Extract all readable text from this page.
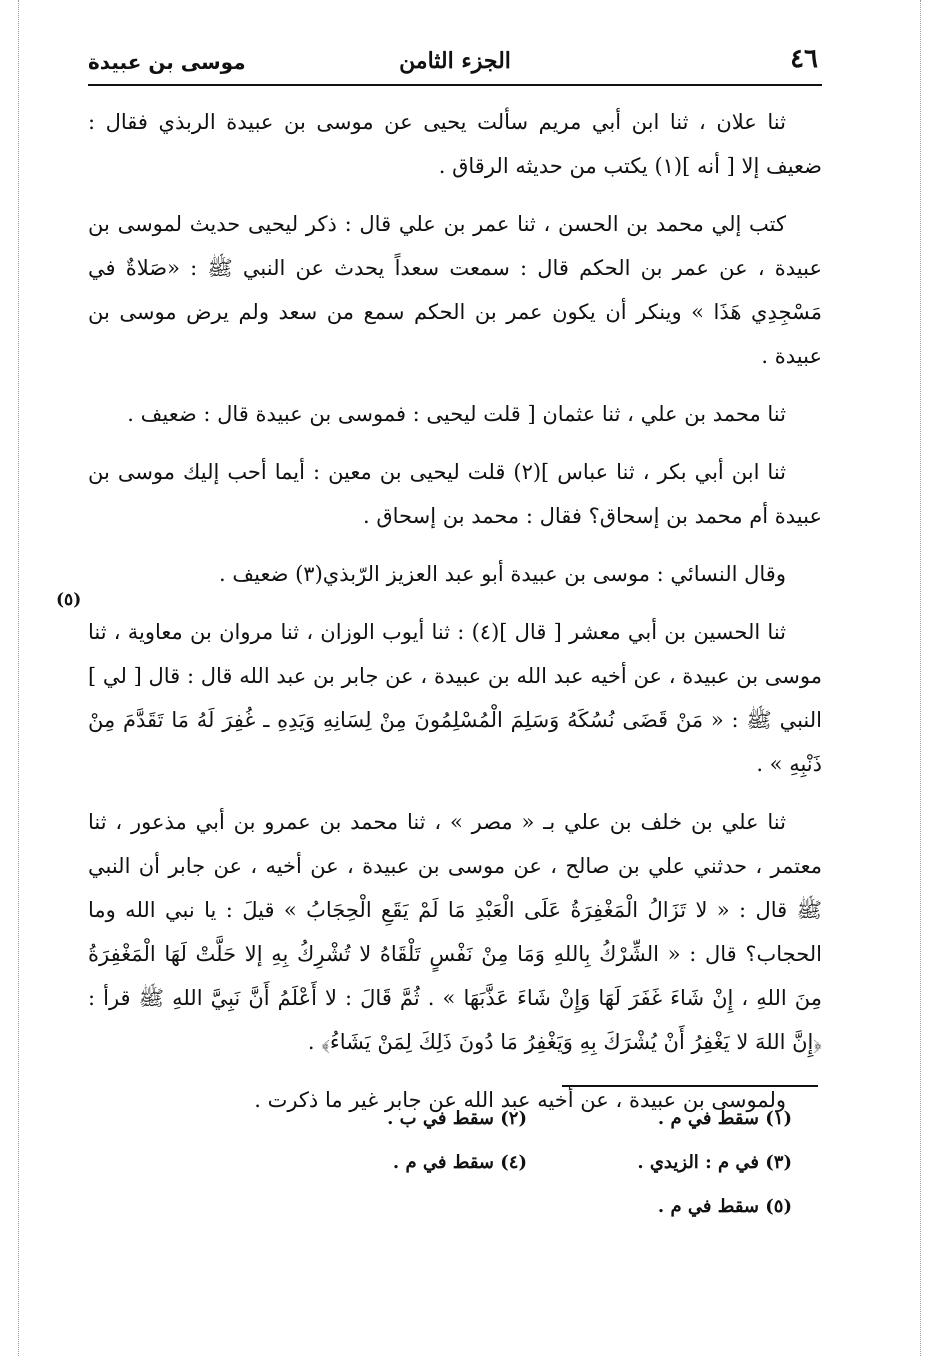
موسى بن عبيدة	الجزء الثامن	٤٦

ثنا علان ، ثنا ابن أبي مريم سألت يحيى عن موسى بن عبيدة الربذي فقال : ضعيف إلا [ أنه ](١) يكتب من حديثه الرقاق .

كتب إلي محمد بن الحسن ، ثنا عمر بن علي قال : ذكر ليحيى حديث لموسى بن عبيدة ، عن عمر بن الحكم قال : سمعت سعداً يحدث عن النبي ﷺ : «صَلاةٌ في مَسْجِدِي هَذَا » وينكر أن يكون عمر بن الحكم سمع من سعد ولم يرض موسى بن عبيدة .

ثنا محمد بن علي ، ثنا عثمان [ قلت ليحيى : فموسى بن عبيدة قال : ضعيف .

ثنا ابن أبي بكر ، ثنا عباس ](٢) قلت ليحيى بن معين : أيما أحب إليك موسى بن عبيدة أم محمد بن إسحاق؟ فقال : محمد بن إسحاق .

وقال النسائي : موسى بن عبيدة أبو عبد العزيز الرّبذي(٣) ضعيف .

ثنا الحسين بن أبي معشر [ قال ](٤) : ثنا أيوب الوزان ، ثنا مروان بن معاوية ، ثنا موسى بن عبيدة ، عن أخيه عبد الله بن عبيدة ، عن جابر بن عبد الله قال : قال [ لي ] النبي ﷺ : « مَنْ قَضَى نُسُكَهُ وَسَلِمَ الْمُسْلِمُونَ مِنْ لِسَانِهِ وَيَدِهِ ـ غُفِرَ لَهُ مَا تَقَدَّمَ مِنْ ذَنْبِهِ » .

ثنا علي بن خلف بن علي بـ « مصر » ، ثنا محمد بن عمرو بن أبي مذعور ، ثنا معتمر ، حدثني علي بن صالح ، عن موسى بن عبيدة ، عن أخيه ، عن جابر أن النبي ﷺ قال : « لا تَزَالُ الْمَغْفِرَةُ عَلَى الْعَبْدِ مَا لَمْ يَقَعِ الْحِجَابُ » قيلَ : يا نبي الله وما الحجاب؟ قال : « الشِّرْكُ بِاللهِ وَمَا مِنْ نَفْسٍ تَلْقَاهُ لا تُشْرِكُ بِهِ إلا حَلَّتْ لَهَا الْمَغْفِرَةُ مِنَ اللهِ ، إِنْ شَاءَ غَفَرَ لَهَا وَإِنْ شَاءَ عَذَّبَهَا » . ثُمَّ قَالَ : لا أَعْلَمُ أَنَّ نَبِيَّ اللهِ ﷺ قرأ : ﴿إِنَّ اللهَ لا يَغْفِرُ أَنْ يُشْرَكَ بِهِ وَيَغْفِرُ مَا دُونَ ذَلِكَ لِمَنْ يَشَاءُ﴾ .

ولموسى بن عبيدة ، عن أخيه عبد الله عن جابر غير ما ذكرت .

(٥)
(١) سقط في م .
(٢) سقط في ب .
(٣) في م : الزيدي .
(٤) سقط في م .
(٥) سقط في م .
